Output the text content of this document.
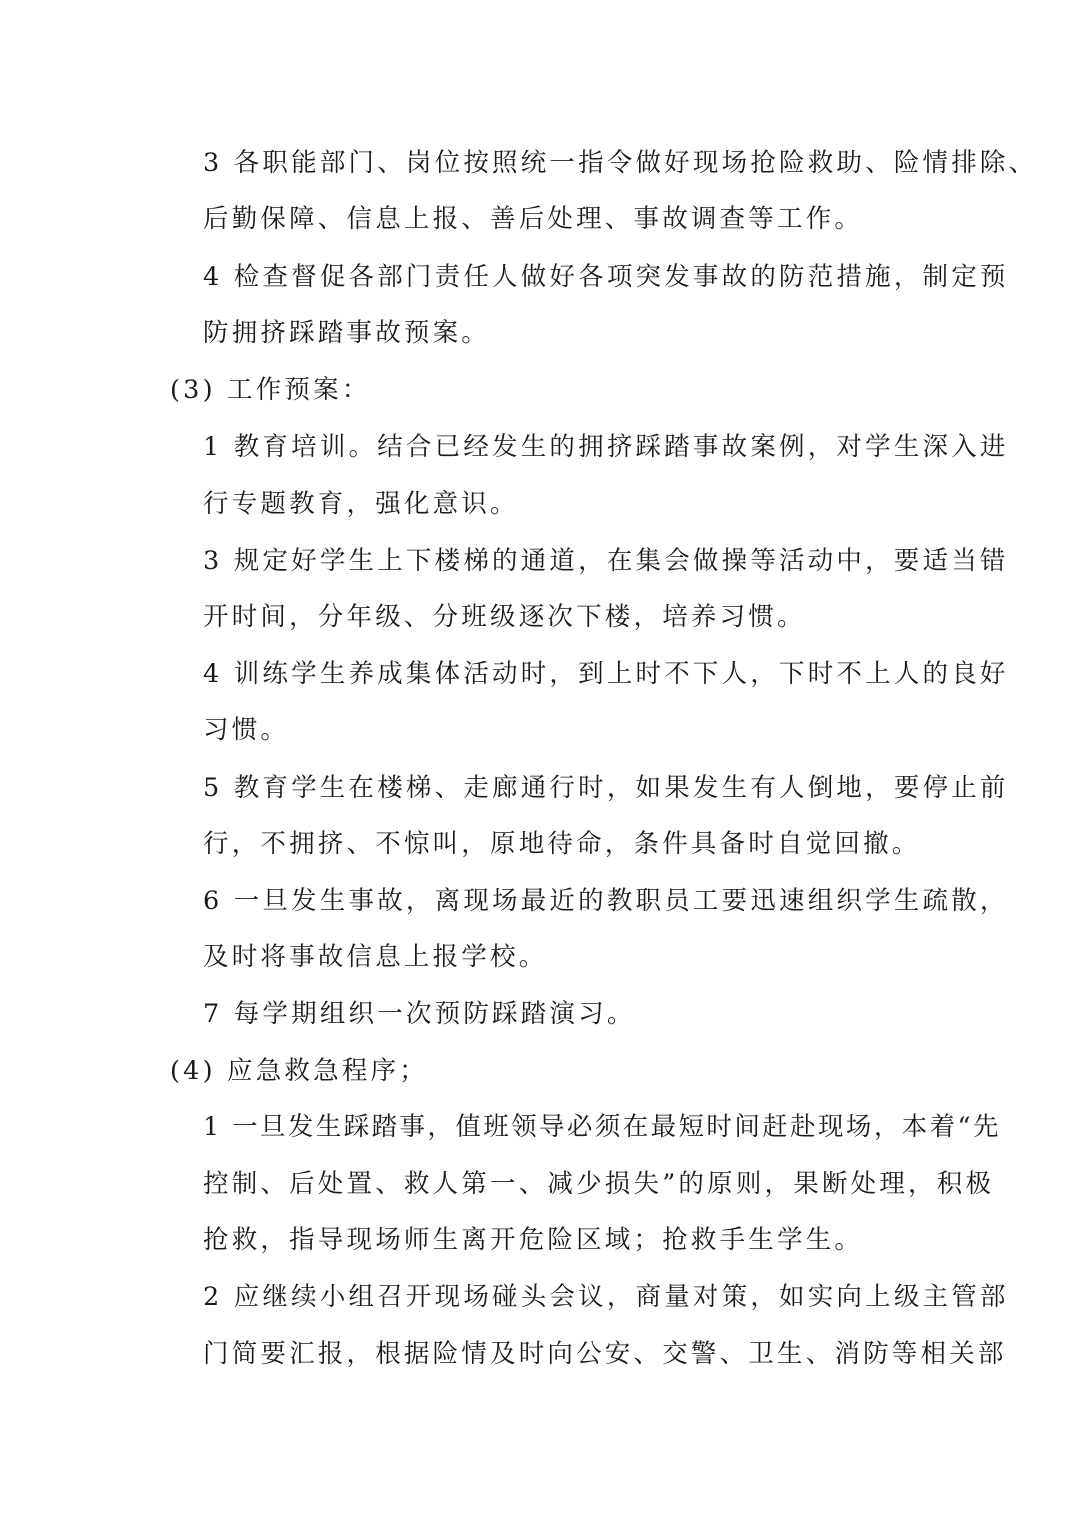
3 各职能部门、岗位按照统一指令做好现场抢险救助、险情排除、
后勤保障、信息上报、善后处理、事故调查等工作。
4 检查督促各部门责任人做好各项突发事故的防范措施，制定预
防拥挤踩踏事故预案。
(3) 工作预案：
1 教育培训。结合已经发生的拥挤踩踏事故案例，对学生深入进
行专题教育，强化意识。
3 规定好学生上下楼梯的通道，在集会做操等活动中，要适当错
开时间，分年级、分班级逐次下楼，培养习惯。
4 训练学生养成集体活动时，到上时不下人，下时不上人的良好
习惯。
5 教育学生在楼梯、走廊通行时，如果发生有人倒地，要停止前
行，不拥挤、不惊叫，原地待命，条件具备时自觉回撤。
6 一旦发生事故，离现场最近的教职员工要迅速组织学生疏散，
及时将事故信息上报学校。
7 每学期组织一次预防踩踏演习。
(4) 应急救急程序；
1 一旦发生踩踏事，值班领导必须在最短时间赶赴现场，本着“先
控制、后处置、救人第一、减少损失”的原则，果断处理，积极
抢救，指导现场师生离开危险区域；抢救手生学生。
2 应继续小组召开现场碰头会议，商量对策，如实向上级主管部
门简要汇报，根据险情及时向公安、交警、卫生、消防等相关部
